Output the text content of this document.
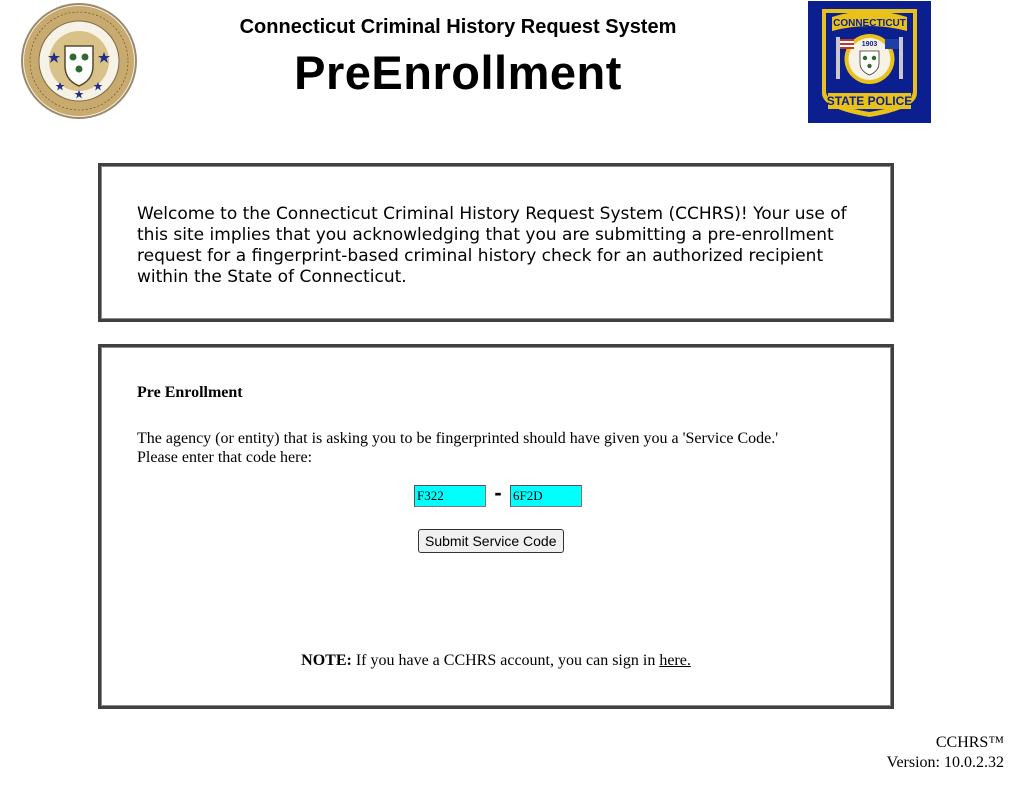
Connecticut Criminal History Request System
PreEnrollment
CONNECTICUT
1903
STATE POLICE
Welcome to the Connecticut Criminal History Request System (CCHRS)! Your use of this site implies that you acknowledging that you are submitting a pre-enrollment request for a fingerprint-based criminal history check for an authorized recipient within the State of Connecticut.
Pre Enrollment
The agency (or entity) that is asking you to be fingerprinted should have given you a 'Service Code.'
Please enter that code here:
F322
-
6F2D
Submit Service Code
NOTE: If you have a CCHRS account, you can sign in here.
CCHRS™
Version: 10.0.2.32
